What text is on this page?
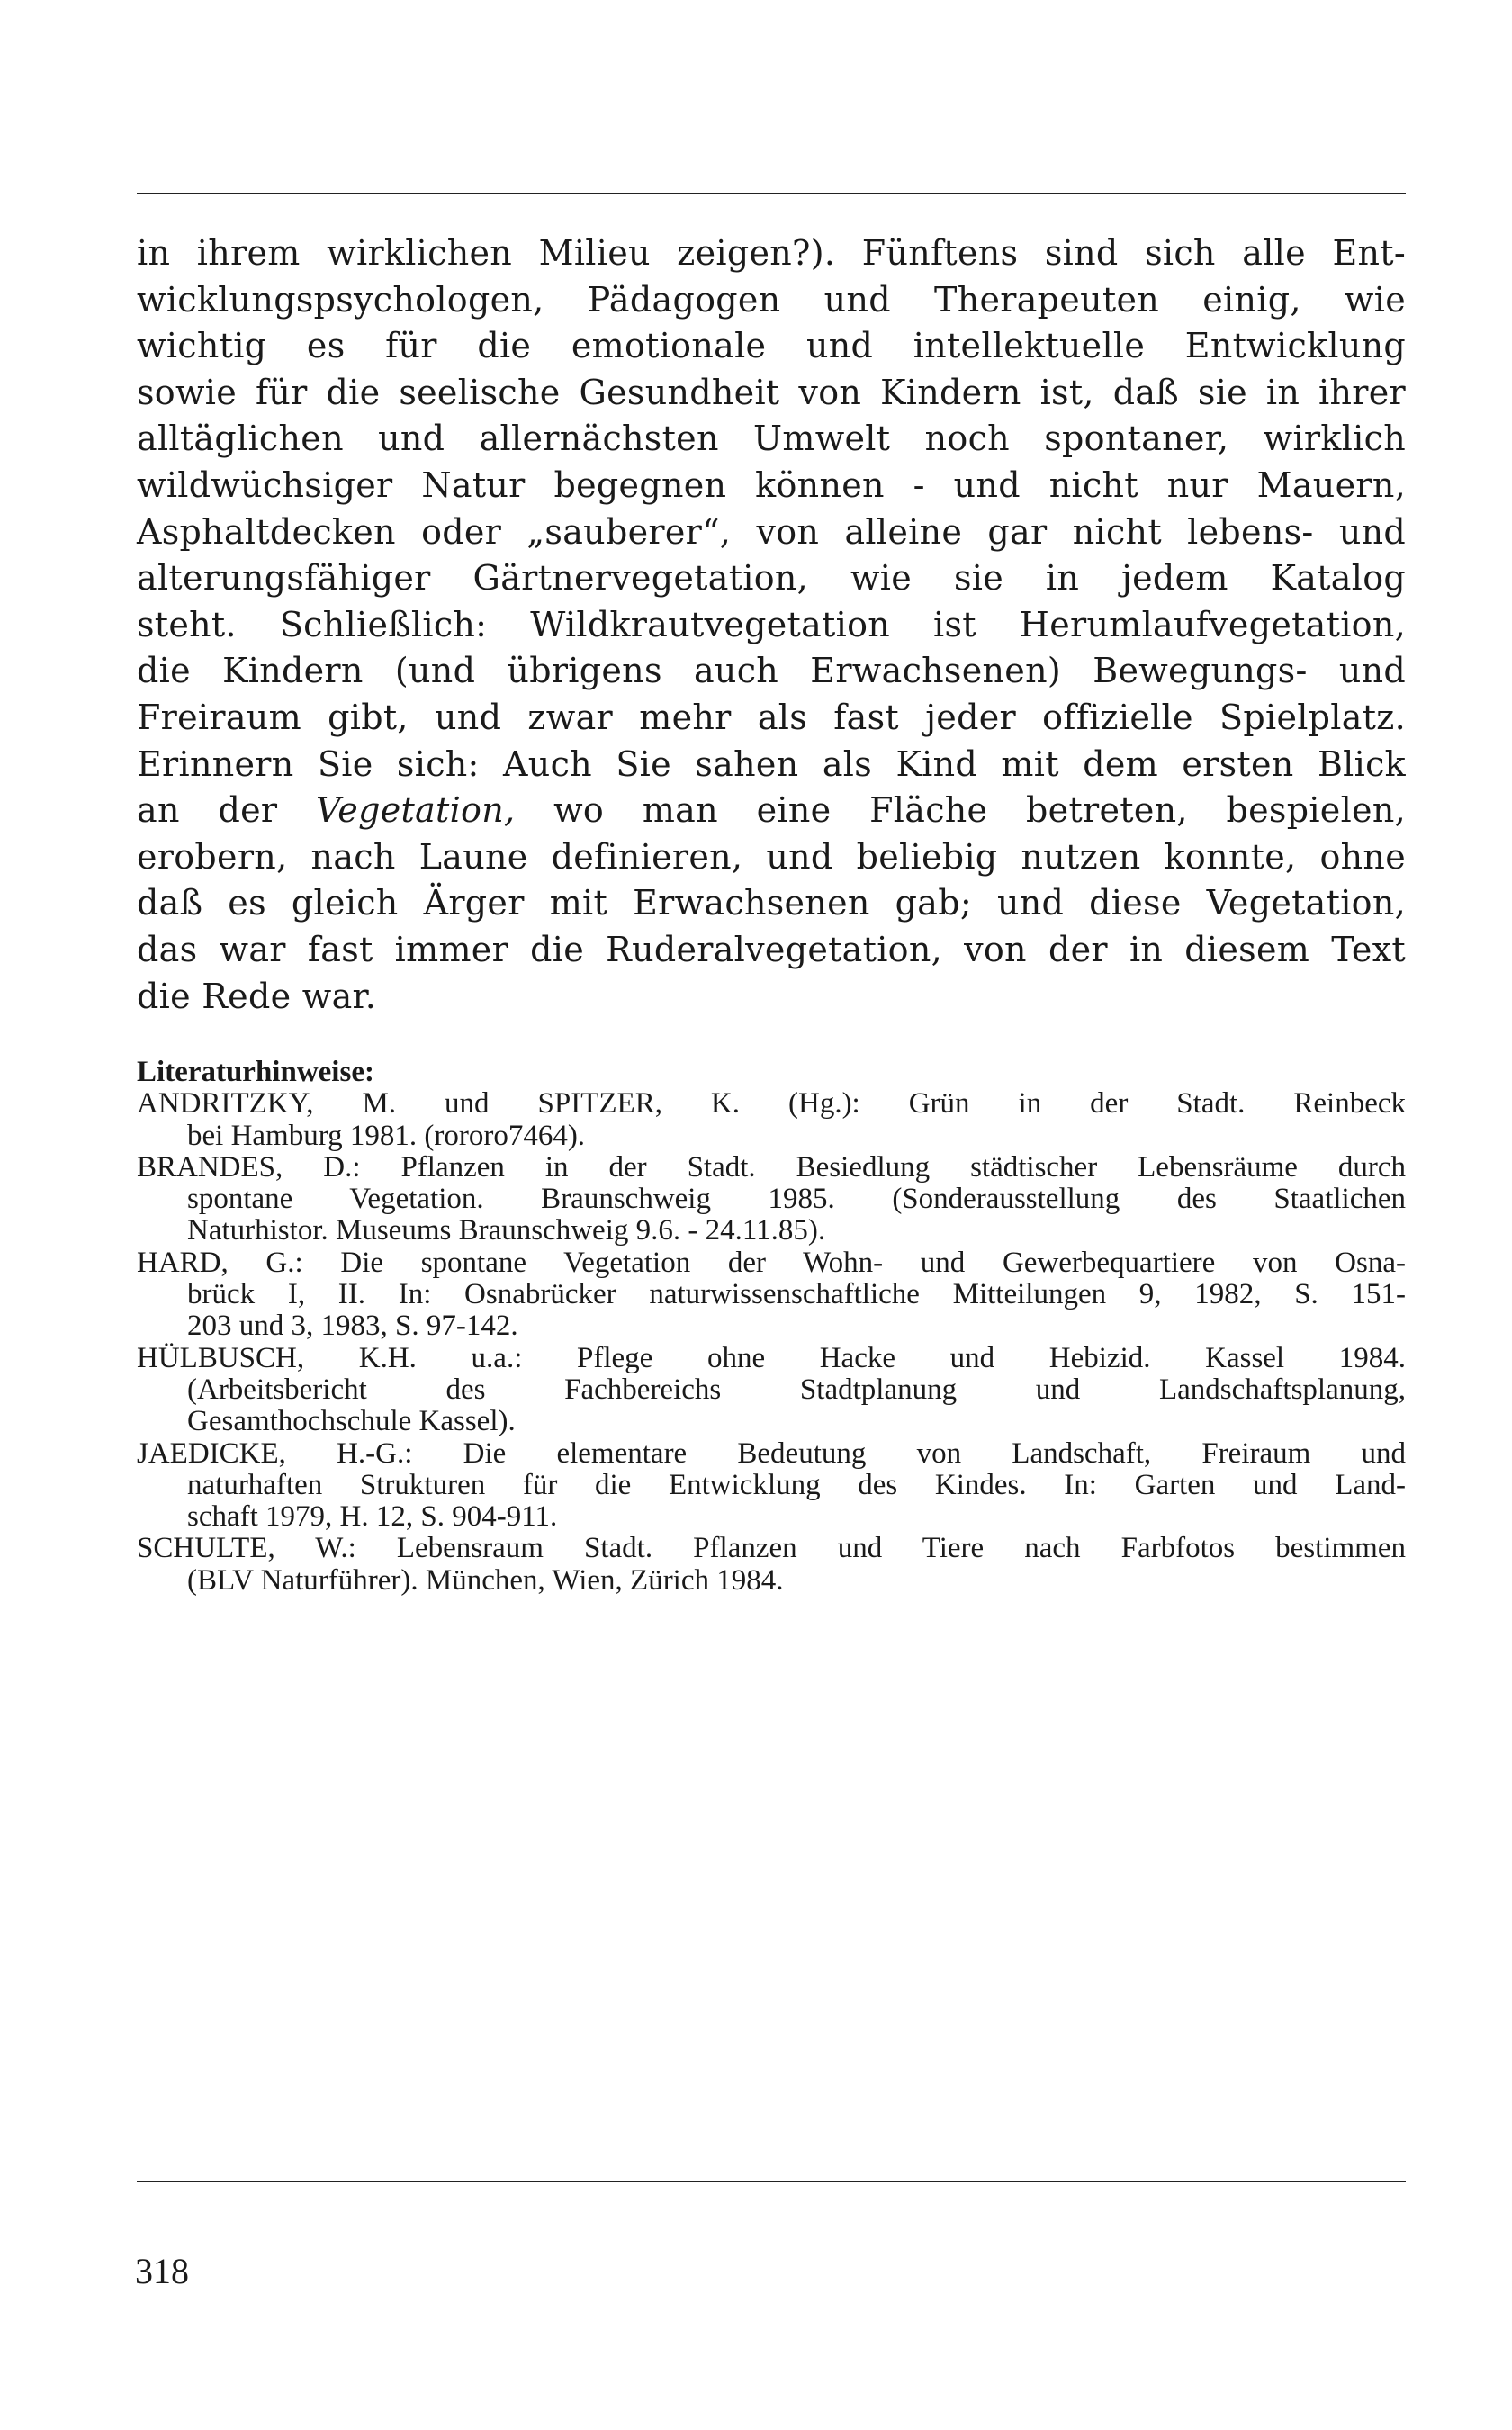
in ihrem wirklichen Milieu zeigen?). Fünftens sind sich alle Ent-
wicklungspsychologen, Pädagogen und Therapeuten einig, wie
wichtig es für die emotionale und intellektuelle Entwicklung
sowie für die seelische Gesundheit von Kindern ist, daß sie in ihrer
alltäglichen und allernächsten Umwelt noch spontaner, wirklich
wildwüchsiger Natur begegnen können - und nicht nur Mauern,
Asphaltdecken oder „sauberer“, von alleine gar nicht lebens- und
alterungsfähiger Gärtnervegetation, wie sie in jedem Katalog
steht. Schließlich: Wildkrautvegetation ist Herumlaufvegetation,
die Kindern (und übrigens auch Erwachsenen) Bewegungs- und
Freiraum gibt, und zwar mehr als fast jeder offizielle Spielplatz.
Erinnern Sie sich: Auch Sie sahen als Kind mit dem ersten Blick
an der Vegetation, wo man eine Fläche betreten, bespielen,
erobern, nach Laune definieren, und beliebig nutzen konnte, ohne
daß es gleich Ärger mit Erwachsenen gab; und diese Vegetation,
das war fast immer die Ruderalvegetation, von der in diesem Text
die Rede war.

Literaturhinweise:

ANDRITZKY, M. und SPITZER, K. (Hg.): Grün in der Stadt. Reinbeck
bei Hamburg 1981. (rororo7464).
BRANDES, D.: Pflanzen in der Stadt. Besiedlung städtischer Lebensräume durch
spontane Vegetation. Braunschweig 1985. (Sonderausstellung des Staatlichen
Naturhistor. Museums Braunschweig 9.6. - 24.11.85).
HARD, G.: Die spontane Vegetation der Wohn- und Gewerbequartiere von Osna-
brück I, II. In: Osnabrücker naturwissenschaftliche Mitteilungen 9, 1982, S. 151-
203 und 3, 1983, S. 97-142.
HÜLBUSCH, K.H. u.a.: Pflege ohne Hacke und Hebizid. Kassel 1984.
(Arbeitsbericht des Fachbereichs Stadtplanung und Landschaftsplanung,
Gesamthochschule Kassel).
JAEDICKE, H.-G.: Die elementare Bedeutung von Landschaft, Freiraum und
naturhaften Strukturen für die Entwicklung des Kindes. In: Garten und Land-
schaft 1979, H. 12, S. 904-911.
SCHULTE, W.: Lebensraum Stadt. Pflanzen und Tiere nach Farbfotos bestimmen
(BLV Naturführer). München, Wien, Zürich 1984.
318
